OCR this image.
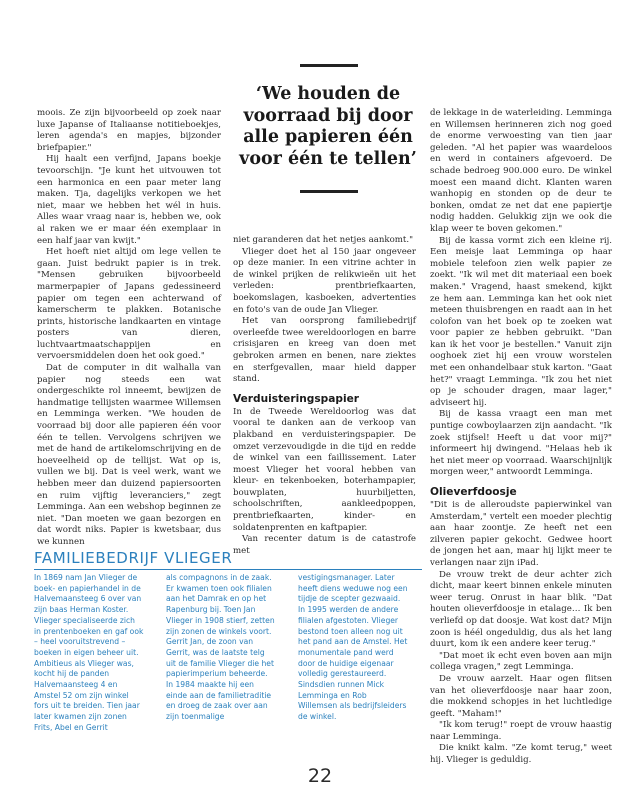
‘We houden de voorraad bij door alle papieren één voor één te tellen’

moois. Ze zijn bijvoorbeeld op zoek naar luxe Japanse of Italiaanse notitieboekjes, leren agenda's en mapjes, bijzonder briefpapier."

Hij haalt een verfijnd, Japans boekje tevoorschijn. "Je kunt het uitvouwen tot een harmonica en een paar meter lang maken. Tja, dagelijks verkopen we het niet, maar we hebben het wél in huis. Alles waar vraag naar is, hebben we, ook al raken we er maar één exemplaar in een half jaar van kwijt."

Het hoeft niet altijd om lege vellen te gaan. Juist bedrukt papier is in trek. "Mensen gebruiken bijvoorbeeld marmerpapier of Japans gedessineerd papier om tegen een achterwand of kamerscherm te plakken. Botanische prints, historische landkaarten en vintage posters van dieren, luchtvaartmaatschappijen en vervoersmiddelen doen het ook goed."

Dat de computer in dit walhalla van papier nog steeds een wat ondergeschikte rol inneemt, bewijzen de handmatige tellijsten waarmee Willemsen en Lemminga werken. "We houden de voorraad bij door alle papieren één voor één te tellen. Vervolgens schrijven we met de hand de artikelomschrijving en de hoeveelheid op de tellijst. Wat op is, vullen we bij. Dat is veel werk, want we hebben meer dan duizend papiersoorten en ruim vijftig leveranciers," zegt Lemminga. Aan een webshop beginnen ze niet. "Dan moeten we gaan bezorgen en dat wordt niks. Papier is kwetsbaar, dus we kunnen

niet garanderen dat het netjes aankomt."

Vlieger doet het al 150 jaar ongeveer op deze manier. In een vitrine achter in de winkel prijken de relikwieën uit het verleden: prentbriefkaarten, boekomslagen, kasboeken, advertenties en foto's van de oude Jan Vlieger.

Het van oorsprong familiebedrijf overleefde twee wereldoorlogen en barre crisisjaren en kreeg van doen met gebroken armen en benen, nare ziektes en sterfgevallen, maar hield dapper stand.

Verduisteringspapier

In de Tweede Wereldoorlog was dat vooral te danken aan de verkoop van plakband en verduisteringspapier. De omzet verzevoudigde in die tijd en redde de winkel van een faillissement. Later moest Vlieger het vooral hebben van kleur- en tekenboeken, boterhampapier, bouwplaten, huurbiljetten, schoolschriften, aankleedpoppen, prentbriefkaarten, kinder- en soldatenprenten en kaftpapier.

Van recenter datum is de catastrofe met

de lekkage in de waterleiding. Lemminga en Willemsen herinneren zich nog goed de enorme verwoesting van tien jaar geleden. "Al het papier was waardeloos en werd in containers afgevoerd. De schade bedroeg 900.000 euro. De winkel moest een maand dicht. Klanten waren wanhopig en stonden op de deur te bonken, omdat ze net dat ene papiertje nodig hadden. Gelukkig zijn we ook die klap weer te boven gekomen."

Bij de kassa vormt zich een kleine rij. Een meisje laat Lemminga op haar mobiele telefoon zien welk papier ze zoekt. "Ik wil met dit materiaal een boek maken." Vragend, haast smekend, kijkt ze hem aan. Lemminga kan het ook niet meteen thuisbrengen en raadt aan in het colofon van het boek op te zoeken wat voor papier ze hebben gebruikt. "Dan kan ik het voor je bestellen." Vanuit zijn ooghoek ziet hij een vrouw worstelen met een onhandelbaar stuk karton. "Gaat het?" vraagt Lemminga. "Ik zou het niet op je schouder dragen, maar lager," adviseert hij.

Bij de kassa vraagt een man met puntige cowboylaarzen zijn aandacht. "Ik zoek stijfsel! Heeft u dat voor mij?" informeert hij dwingend. "Helaas heb ik het niet meer op voorraad. Waarschijnlijk morgen weer," antwoordt Lemminga.

Olieverfdoosje

"Dit is de allerоudste papierwinkel van Amsterdam," vertelt een moeder plechtig aan haar zoontje. Ze heeft net een zilveren papier gekocht. Gedwee hoort de jongen het aan, maar hij lijkt meer te verlangen naar zijn iPad.

De vrouw trekt de deur achter zich dicht, maar keert binnen enkele minuten weer terug. Onrust in haar blik. "Dat houten olieverfdoosje in etalage… Ik ben verliefd op dat doosje. Wat kost dat? Mijn zoon is héél ongeduldig, dus als het lang duurt, kom ik een andere keer terug."

"Dat moet ik echt even boven aan mijn collega vragen," zegt Lemminga.

De vrouw aarzelt. Haar ogen flitsen van het olieverfdoosje naar haar zoon, die mokkend schopjes in het luchtledige geeft. "Maham!"

"Ik kom terug!" roept de vrouw haastig naar Lemminga.

Die knikt kalm. "Ze komt terug," weet hij. Vlieger is geduldig.

FAMILIEBEDRIJF VLIEGER

In 1869 nam Jan Vlieger de boek- en papierhandel in de Halvemaansteeg 6 over van zijn baas Herman Koster. Vlieger specialiseerde zich in prentenboeken en gaf ook – heel vooruitstrevend – boeken in eigen beheer uit. Ambitieus als Vlieger was, kocht hij de panden Halvemaansteeg 4 en Amstel 52 om zijn winkel fors uit te breiden. Tien jaar later kwamen zijn zonen Frits, Abel en Gerrit

als compagnons in de zaak. Er kwamen toen ook filialen aan het Damrak en op het Rapenburg bij. Toen Jan Vlieger in 1908 stierf, zetten zijn zonen de winkels voort. Gerrit Jan, de zoon van Gerrit, was de laatste telg uit de familie Vlieger die het papierimperium beheerde. In 1984 maakte hij een einde aan de familietraditie en droeg de zaak over aan zijn toenmalige

vestigingsmanager. Later heeft diens weduwe nog een tijdje de scepter gezwaaid. In 1995 werden de andere filialen afgestoten. Vlieger bestond toen alleen nog uit het pand aan de Amstel. Het monumentale pand werd door de huidige eigenaar volledig gerestaureerd. Sindsdien runnen Mick Lemminga en Rob Willemsen als bedrijfsleiders de winkel.

22
